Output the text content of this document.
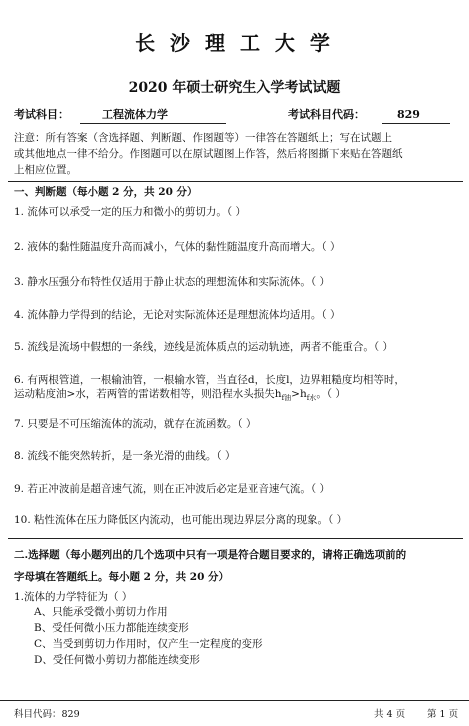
长 沙 理 工 大 学
2020 年硕士研究生入学考试试题
考试科目：	工程流体力学	考试科目代码：	829
注意：所有答案（含选择题、判断题、作图题等）一律答在答题纸上；写在试题上
或其他地点一律不给分。作图题可以在原试题图上作答，然后将图撕下来贴在答题纸
上相应位置。
一、判断题（每小题 2 分，共 20 分）
1. 流体可以承受一定的压力和微小的剪切力。（ ）
2. 液体的黏性随温度升高而减小，气体的黏性随温度升高而增大。（ ）
3. 静水压强分布特性仅适用于静止状态的理想流体和实际流体。（ ）
4. 流体静力学得到的结论，无论对实际流体还是理想流体均适用。（ ）
5. 流线是流场中假想的一条线，迹线是流体质点的运动轨迹，两者不能重合。（ ）
6. 有两根管道，一根输油管，一根输水管，当直径d，长度l，边界粗糙度均相等时，
运动粘度油>水，若两管的雷诺数相等，则沿程水头损失$h_{f油}>h_{f水}$。（ ）
7. 只要是不可压缩流体的流动，就存在流函数。（ ）
8. 流线不能突然转折，是一条光滑的曲线。（ ）
9. 若正冲波前是超音速气流，则在正冲波后必定是亚音速气流。（ ）
10. 粘性流体在压力降低区内流动，也可能出现边界层分离的现象。（ ）
二.选择题（每小题列出的几个选项中只有一项是符合题目要求的，请将正确选项前的
字母填在答题纸上。每小题 2 分，共 20 分）
1.流体的力学特征为（ ）
A、只能承受微小剪切力作用
B、受任何微小压力都能连续变形
C、当受到剪切力作用时，仅产生一定程度的变形
D、受任何微小剪切力都能连续变形
科目代码：829	共 4 页 第 1 页
